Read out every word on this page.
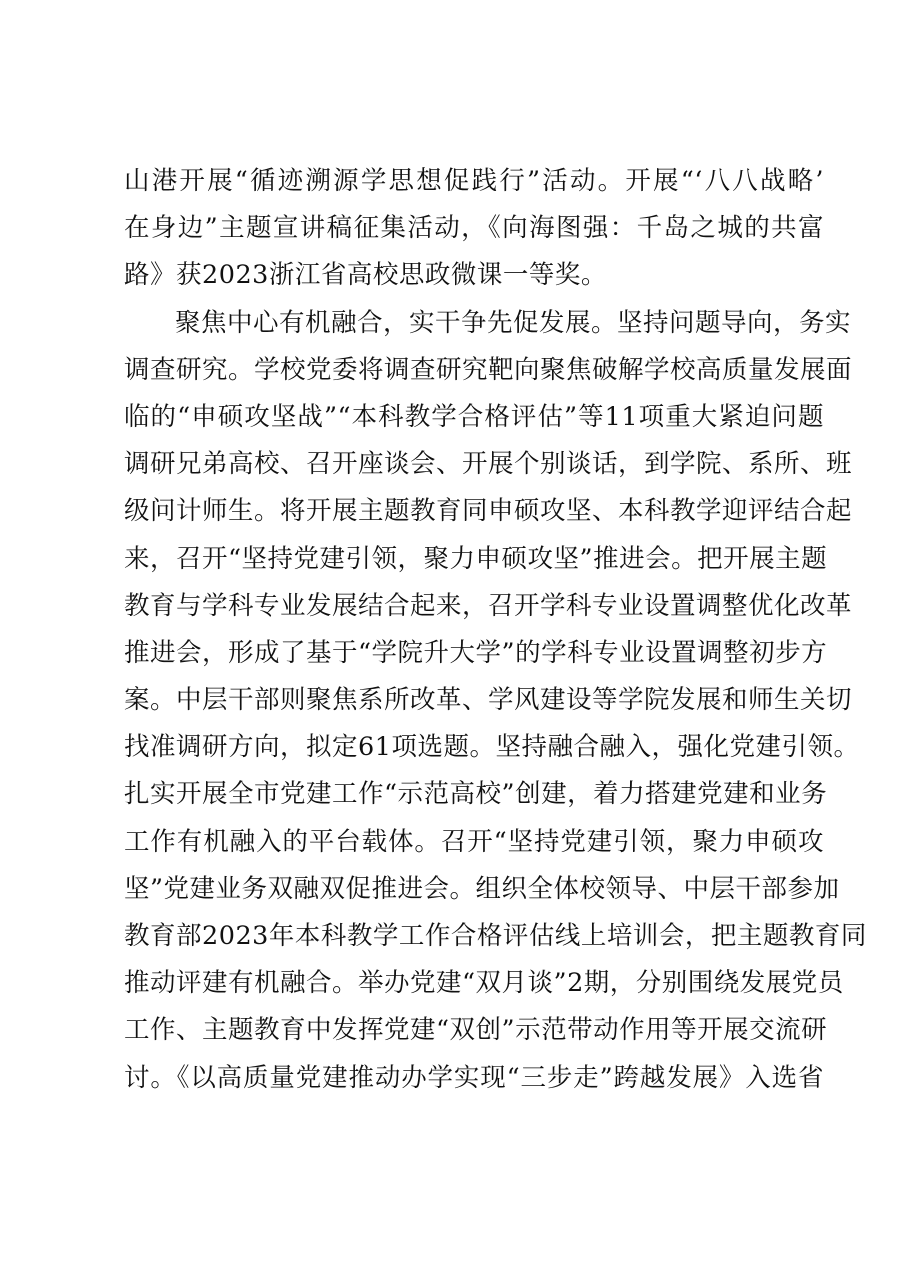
山港开展“循迹溯源学思想促践行”活动。开展“‘八八战略’
在身边”主题宣讲稿征集活动，《向海图强：千岛之城的共富
路》获2023浙江省高校思政微课一等奖。
聚焦中心有机融合，实干争先促发展。坚持问题导向，务实
调查研究。学校党委将调查研究靶向聚焦破解学校高质量发展面
临的“申硕攻坚战”“本科教学合格评估”等11项重大紧迫问题
调研兄弟高校、召开座谈会、开展个别谈话，到学院、系所、班
级问计师生。将开展主题教育同申硕攻坚、本科教学迎评结合起
来，召开“坚持党建引领，聚力申硕攻坚”推进会。把开展主题
教育与学科专业发展结合起来，召开学科专业设置调整优化改革
推进会，形成了基于“学院升大学”的学科专业设置调整初步方
案。中层干部则聚焦系所改革、学风建设等学院发展和师生关切
找准调研方向，拟定61项选题。坚持融合融入，强化党建引领。
扎实开展全市党建工作“示范高校”创建，着力搭建党建和业务
工作有机融入的平台载体。召开“坚持党建引领，聚力申硕攻
坚”党建业务双融双促推进会。组织全体校领导、中层干部参加
教育部2023年本科教学工作合格评估线上培训会，把主题教育同
推动评建有机融合。举办党建“双月谈”2期，分别围绕发展党员
工作、主题教育中发挥党建“双创”示范带动作用等开展交流研
讨。《以高质量党建推动办学实现“三步走”跨越发展》入选省
